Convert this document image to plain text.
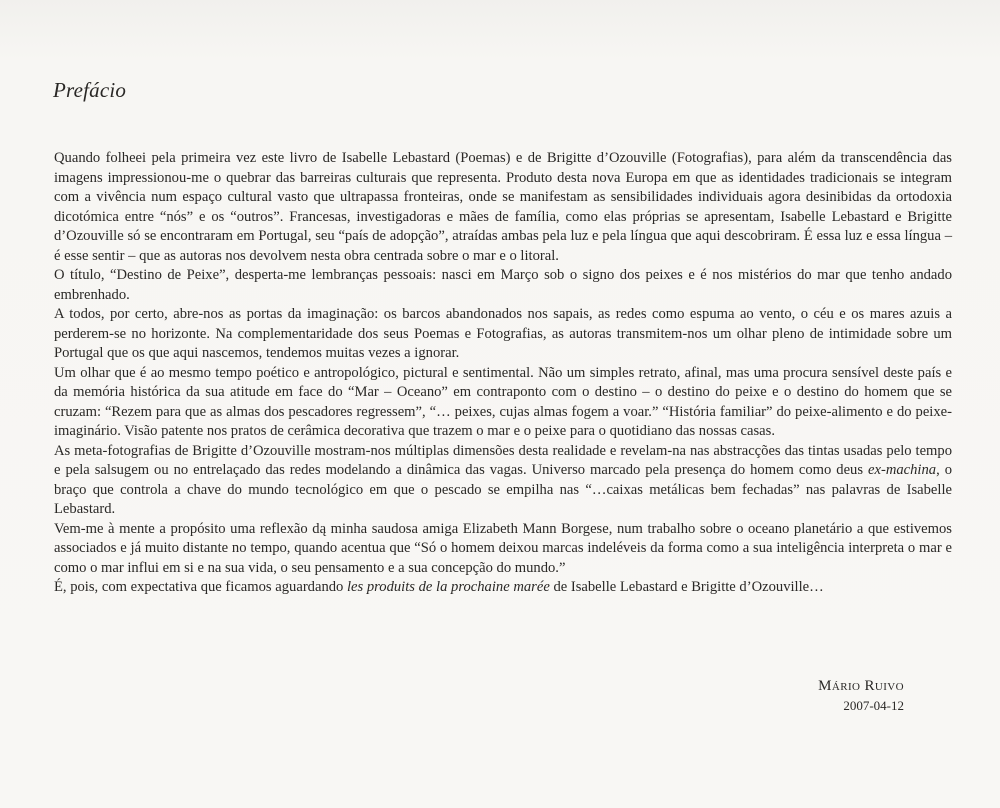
Prefácio

Quando folheei pela primeira vez este livro de Isabelle Lebastard (Poemas) e de Brigitte d’Ozouville (Fotografias), para além da transcendência das imagens impressionou-me o quebrar das barreiras culturais que representa. Produto desta nova Europa em que as identidades tradicionais se integram com a vivência num espaço cultural vasto que ultrapassa fronteiras, onde se manifestam as sensibilidades individuais agora desinibidas da ortodoxia dicotómica entre “nós” e os “outros”. Francesas, investigadoras e mães de família, como elas próprias se apresentam, Isabelle Lebastard e Brigitte d’Ozouville só se encontraram em Portugal, seu “país de adopção”, atraídas ambas pela luz e pela língua que aqui descobriram. É essa luz e essa língua – é esse sentir – que as autoras nos devolvem nesta obra centrada sobre o mar e o litoral.

O título, “Destino de Peixe”, desperta-me lembranças pessoais: nasci em Março sob o signo dos peixes e é nos mistérios do mar que tenho andado embrenhado.

A todos, por certo, abre-nos as portas da imaginação: os barcos abandonados nos sapais, as redes como espuma ao vento, o céu e os mares azuis a perderem-se no horizonte. Na complementaridade dos seus Poemas e Fotografias, as autoras transmitem-nos um olhar pleno de intimidade sobre um Portugal que os que aqui nascemos, tendemos muitas vezes a ignorar.

Um olhar que é ao mesmo tempo poético e antropológico, pictural e sentimental. Não um simples retrato, afinal, mas uma procura sensível deste país e da memória histórica da sua atitude em face do “Mar – Oceano” em contraponto com o destino – o destino do peixe e o destino do homem que se cruzam: “Rezem para que as almas dos pescadores regressem”, “… peixes, cujas almas fogem a voar.” “História familiar” do peixe-alimento e do peixe-imaginário. Visão patente nos pratos de cerâmica decorativa que trazem o mar e o peixe para o quotidiano das nossas casas.

As meta-fotografias de Brigitte d’Ozouville mostram-nos múltiplas dimensões desta realidade e revelam-na nas abstracções das tintas usadas pelo tempo e pela salsugem ou no entrelaçado das redes modelando a dinâmica das vagas. Universo marcado pela presença do homem como deus ex-machina, o braço que controla a chave do mundo tecnológico em que o pescado se empilha nas “…caixas metálicas bem fechadas” nas palavras de Isabelle Lebastard.

Vem-me à mente a propósito uma reflexão dą minha saudosa amiga Elizabeth Mann Borgese, num trabalho sobre o oceano planetário a que estivemos associados e já muito distante no tempo, quando acentua que “Só o homem deixou marcas indeléveis da forma como a sua inteligência interpreta o mar e como o mar influi em si e na sua vida, o seu pensamento e a sua concepção do mundo.”

É, pois, com expectativa que ficamos aguardando les produits de la prochaine marée de Isabelle Lebastard e Brigitte d’Ozouville…

Mário Ruivo
2007-04-12
